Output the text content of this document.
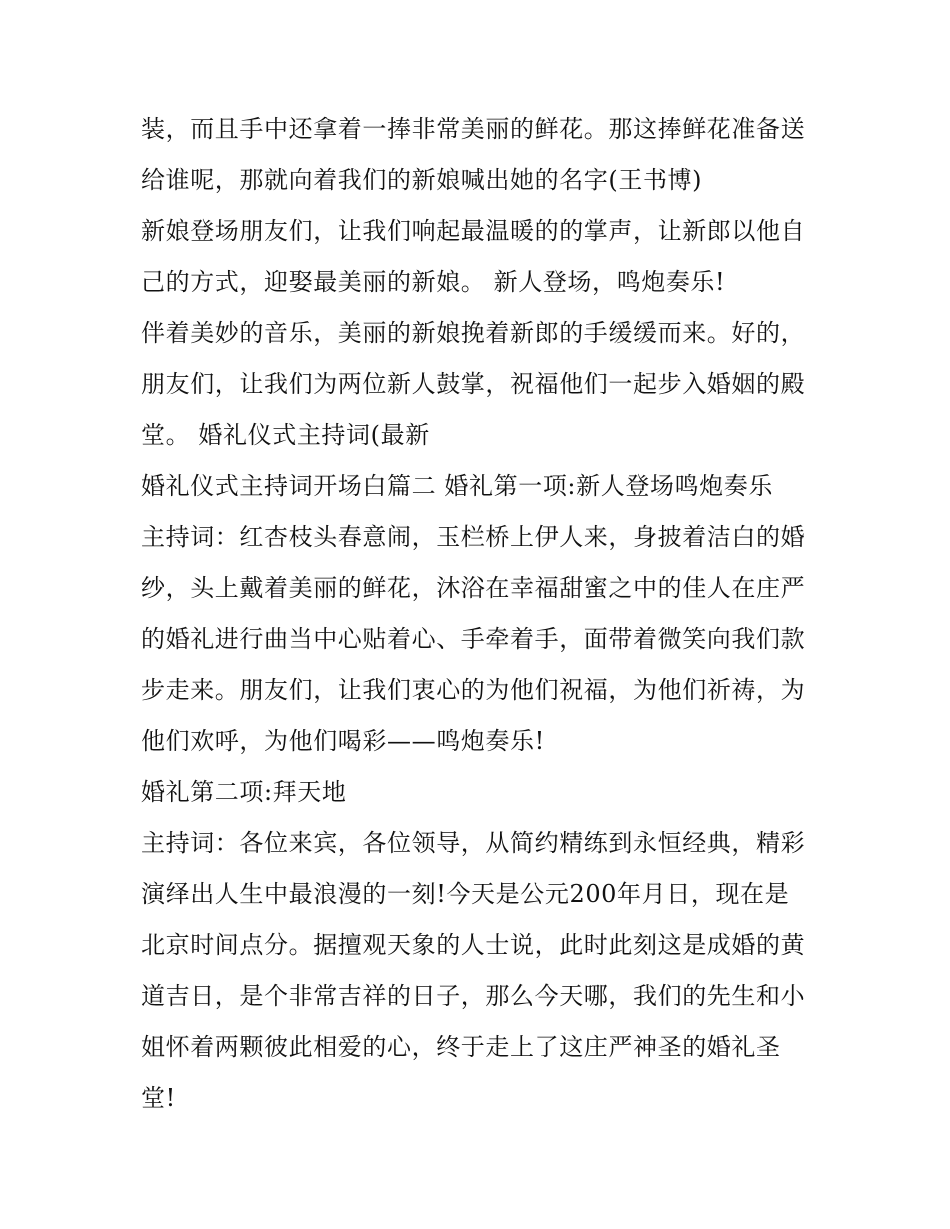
装，而且手中还拿着一捧非常美丽的鲜花。那这捧鲜花准备送
给谁呢，那就向着我们的新娘喊出她的名字(王书博)
新娘登场朋友们，让我们响起最温暖的的掌声，让新郎以他自
己的方式，迎娶最美丽的新娘。 新人登场，鸣炮奏乐!
伴着美妙的音乐，美丽的新娘挽着新郎的手缓缓而来。好的，
朋友们，让我们为两位新人鼓掌，祝福他们一起步入婚姻的殿
堂。 婚礼仪式主持词(最新
婚礼仪式主持词开场白篇二 婚礼第一项:新人登场鸣炮奏乐
主持词：红杏枝头春意闹，玉栏桥上伊人来，身披着洁白的婚
纱，头上戴着美丽的鲜花，沐浴在幸福甜蜜之中的佳人在庄严
的婚礼进行曲当中心贴着心、手牵着手，面带着微笑向我们款
步走来。朋友们，让我们衷心的为他们祝福，为他们祈祷，为
他们欢呼，为他们喝彩——鸣炮奏乐!
婚礼第二项:拜天地
主持词：各位来宾，各位领导，从简约精练到永恒经典，精彩
演绎出人生中最浪漫的一刻!今天是公元200年月日，现在是
北京时间点分。据擅观天象的人士说，此时此刻这是成婚的黄
道吉日，是个非常吉祥的日子，那么今天哪，我们的先生和小
姐怀着两颗彼此相爱的心，终于走上了这庄严神圣的婚礼圣
堂!
